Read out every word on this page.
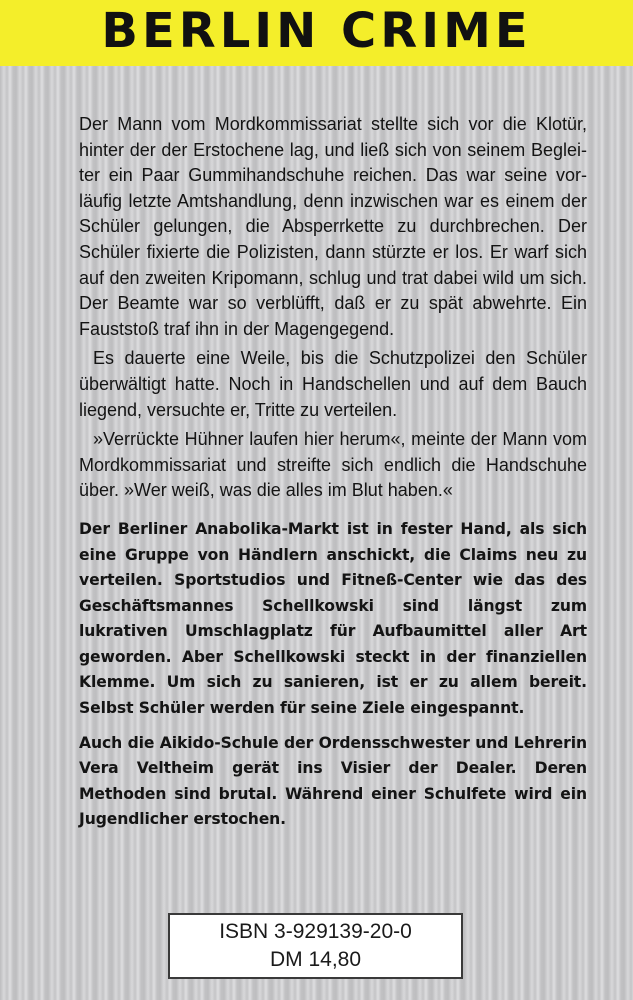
BERLIN CRIME

Der Mann vom Mordkommissariat stellte sich vor die Klotür, hinter der der Erstochene lag, und ließ sich von seinem Begleiter ein Paar Gummihandschuhe reichen. Das war seine vorläufig letzte Amtshandlung, denn inzwischen war es einem der Schüler gelungen, die Absperrkette zu durchbrechen. Der Schüler fixierte die Polizisten, dann stürzte er los. Er warf sich auf den zweiten Kripomann, schlug und trat dabei wild um sich. Der Beamte war so verblüfft, daß er zu spät abwehrte. Ein Fauststoß traf ihn in der Magengegend.

Es dauerte eine Weile, bis die Schutzpolizei den Schüler überwältigt hatte. Noch in Handschellen und auf dem Bauch liegend, versuchte er, Tritte zu verteilen.

»Verrückte Hühner laufen hier herum«, meinte der Mann vom Mordkommissariat und streifte sich endlich die Handschuhe über. »Wer weiß, was die alles im Blut haben.«

Der Berliner Anabolika-Markt ist in fester Hand, als sich eine Gruppe von Händlern anschickt, die Claims neu zu verteilen. Sportstudios und Fitneß-Center wie das des Geschäftsmannes Schellkowski sind längst zum lukrativen Umschlagplatz für Aufbaumittel aller Art geworden. Aber Schellkowski steckt in der finanziellen Klemme. Um sich zu sanieren, ist er zu allem bereit. Selbst Schüler werden für seine Ziele eingespannt.

Auch die Aikido-Schule der Ordensschwester und Lehrerin Vera Veltheim gerät ins Visier der Dealer. Deren Methoden sind brutal. Während einer Schulfete wird ein Jugendlicher erstochen.

ISBN 3-929139-20-0
DM 14,80
